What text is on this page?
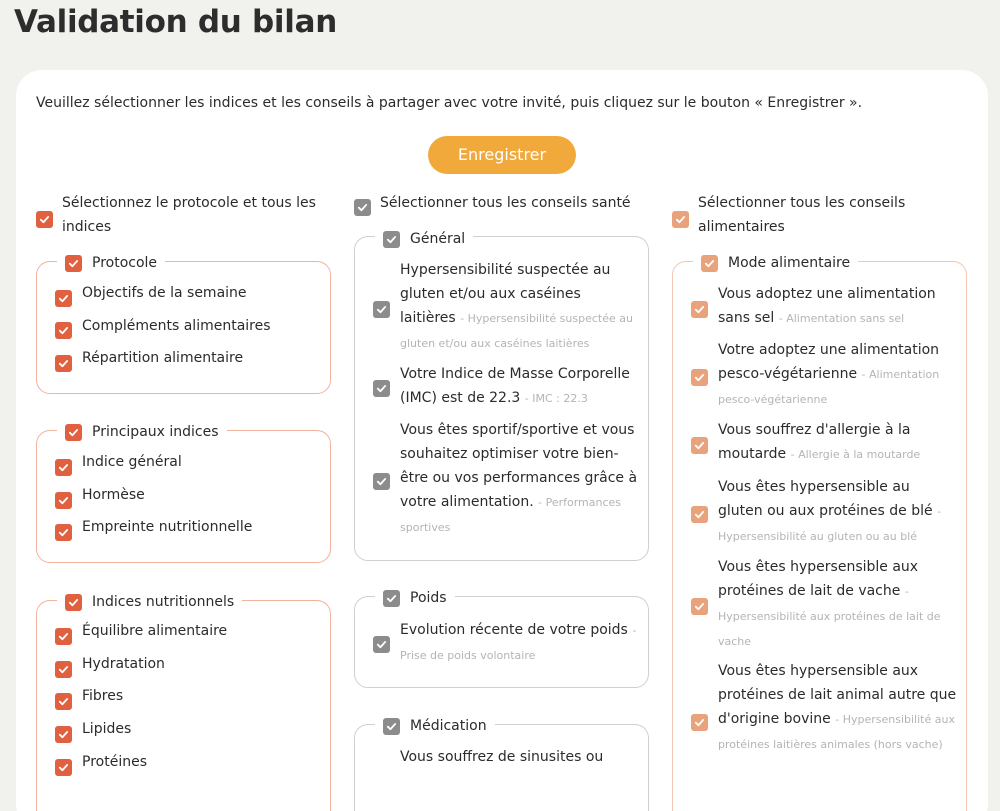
Validation du bilan
Veuillez sélectionner les indices et les conseils à partager avec votre invité, puis cliquez sur le bouton « Enregistrer ».
Enregistrer
Sélectionnez le protocole et tous les indices
Protocole
Objectifs de la semaine
Compléments alimentaires
Répartition alimentaire
Principaux indices
Indice général
Hormèse
Empreinte nutritionnelle
Indices nutritionnels
Équilibre alimentaire
Hydratation
Fibres
Lipides
Protéines
Sélectionner tous les conseils santé
Général
Hypersensibilité suspectée au gluten et/ou aux caséines laitières - Hypersensibilité suspectée au gluten et/ou aux caséines laitières
Votre Indice de Masse Corporelle (IMC) est de 22.3 - IMC : 22.3
Vous êtes sportif/sportive et vous souhaitez optimiser votre bien-être ou vos performances grâce à votre alimentation. - Performances sportives
Poids
Evolution récente de votre poids - Prise de poids volontaire
Médication
Vous souffrez de sinusites ou
Sélectionner tous les conseils alimentaires
Mode alimentaire
Vous adoptez une alimentation sans sel - Alimentation sans sel
Votre adoptez une alimentation pesco-végétarienne - Alimentation pesco-végétarienne
Vous souffrez d'allergie à la moutarde - Allergie à la moutarde
Vous êtes hypersensible au gluten ou aux protéines de blé - Hypersensibilité au gluten ou au blé
Vous êtes hypersensible aux protéines de lait de vache - Hypersensibilité aux protéines de lait de vache
Vous êtes hypersensible aux protéines de lait animal autre que d'origine bovine - Hypersensibilité aux protéines laitières animales (hors vache)
